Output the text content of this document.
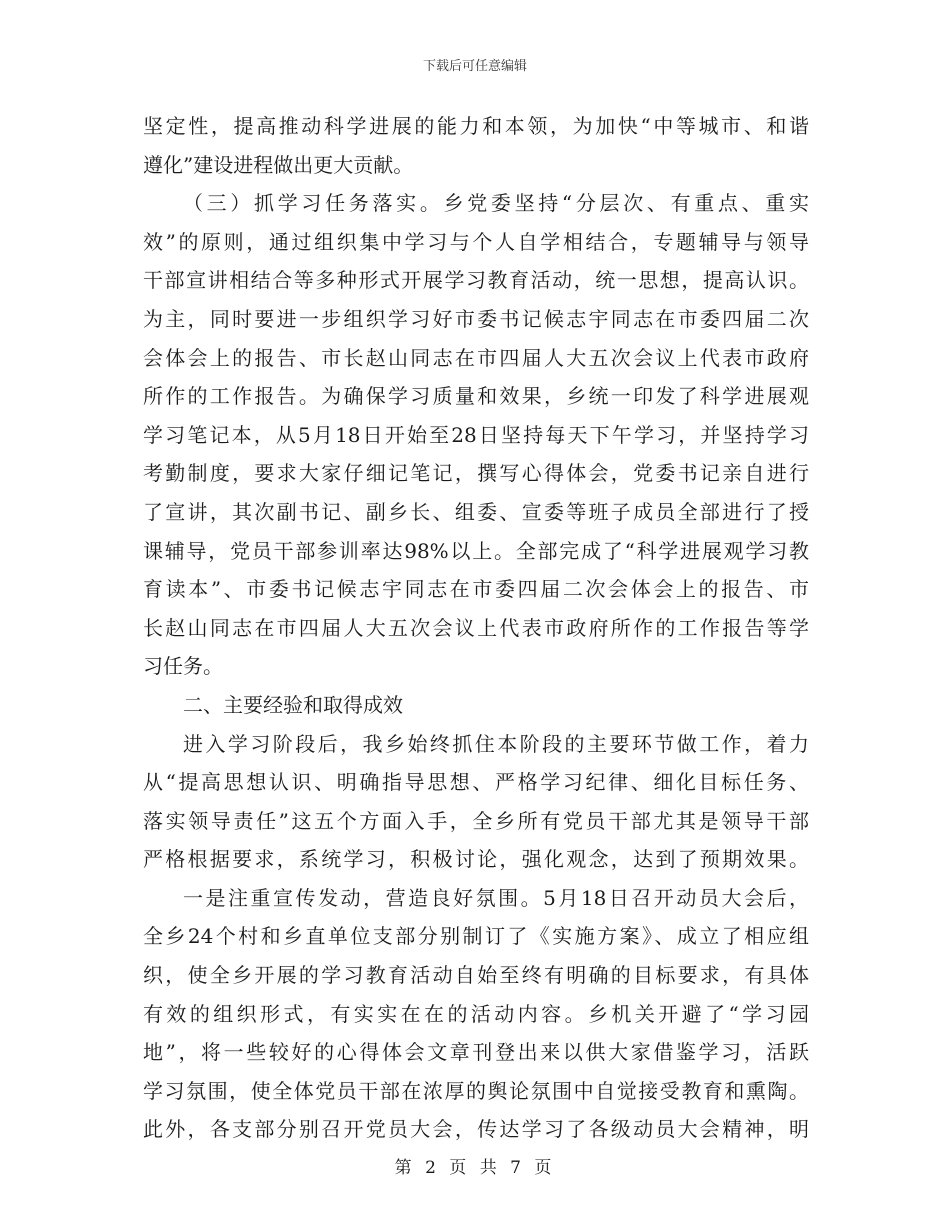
下载后可任意编辑
坚定性，提高推动科学进展的能力和本领，为加快“中等城市、和谐
遵化”建设进程做出更大贡献。
（三）抓学习任务落实。乡党委坚持“分层次、有重点、重实
效”的原则，通过组织集中学习与个人自学相结合，专题辅导与领导
干部宣讲相结合等多种形式开展学习教育活动，统一思想，提高认识。
为主，同时要进一步组织学习好市委书记候志宇同志在市委四届二次
会体会上的报告、市长赵山同志在市四届人大五次会议上代表市政府
所作的工作报告。为确保学习质量和效果，乡统一印发了科学进展观
学习笔记本，从5月18日开始至28日坚持每天下午学习，并坚持学习
考勤制度，要求大家仔细记笔记，撰写心得体会，党委书记亲自进行
了宣讲，其次副书记、副乡长、组委、宣委等班子成员全部进行了授
课辅导，党员干部参训率达98%以上。全部完成了“科学进展观学习教
育读本”、市委书记候志宇同志在市委四届二次会体会上的报告、市
长赵山同志在市四届人大五次会议上代表市政府所作的工作报告等学
习任务。
二、主要经验和取得成效
进入学习阶段后，我乡始终抓住本阶段的主要环节做工作，着力
从“提高思想认识、明确指导思想、严格学习纪律、细化目标任务、
落实领导责任”这五个方面入手，全乡所有党员干部尤其是领导干部
严格根据要求，系统学习，积极讨论，强化观念，达到了预期效果。
一是注重宣传发动，营造良好氛围。5月18日召开动员大会后，
全乡24个村和乡直单位支部分别制订了《实施方案》、成立了相应组
织，使全乡开展的学习教育活动自始至终有明确的目标要求，有具体
有效的组织形式，有实实在在的活动内容。乡机关开避了“学习园
地”，将一些较好的心得体会文章刊登出来以供大家借鉴学习，活跃
学习氛围，使全体党员干部在浓厚的舆论氛围中自觉接受教育和熏陶。
此外，各支部分别召开党员大会，传达学习了各级动员大会精神，明
第 2 页 共 7 页
